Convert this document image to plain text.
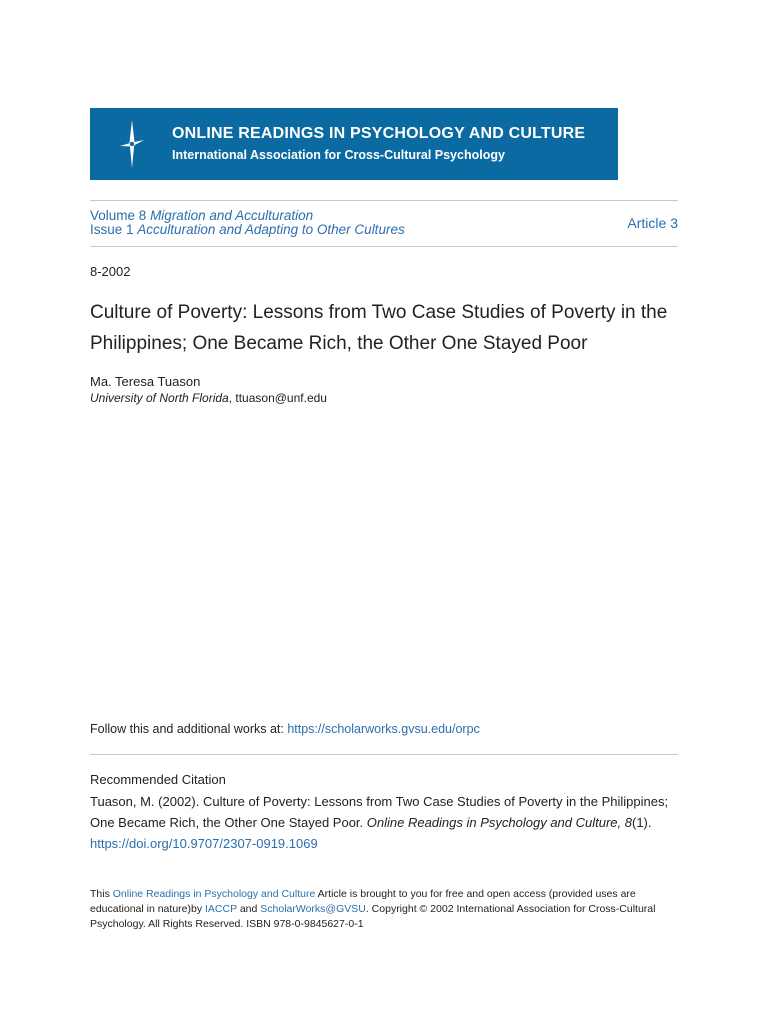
ONLINE READINGS IN PSYCHOLOGY AND CULTURE
International Association for Cross-Cultural Psychology
Volume 8 Migration and Acculturation
Issue 1 Acculturation and Adapting to Other Cultures	Article 3
8-2002
Culture of Poverty: Lessons from Two Case Studies of Poverty in the Philippines; One Became Rich, the Other One Stayed Poor
Ma. Teresa Tuason
University of North Florida, ttuason@unf.edu
Follow this and additional works at: https://scholarworks.gvsu.edu/orpc
Recommended Citation
Tuason, M. (2002). Culture of Poverty: Lessons from Two Case Studies of Poverty in the Philippines; One Became Rich, the Other One Stayed Poor. Online Readings in Psychology and Culture, 8(1). https://doi.org/10.9707/2307-0919.1069
This Online Readings in Psychology and Culture Article is brought to you for free and open access (provided uses are educational in nature)by IACCP and ScholarWorks@GVSU. Copyright © 2002 International Association for Cross-Cultural Psychology. All Rights Reserved. ISBN 978-0-9845627-0-1
